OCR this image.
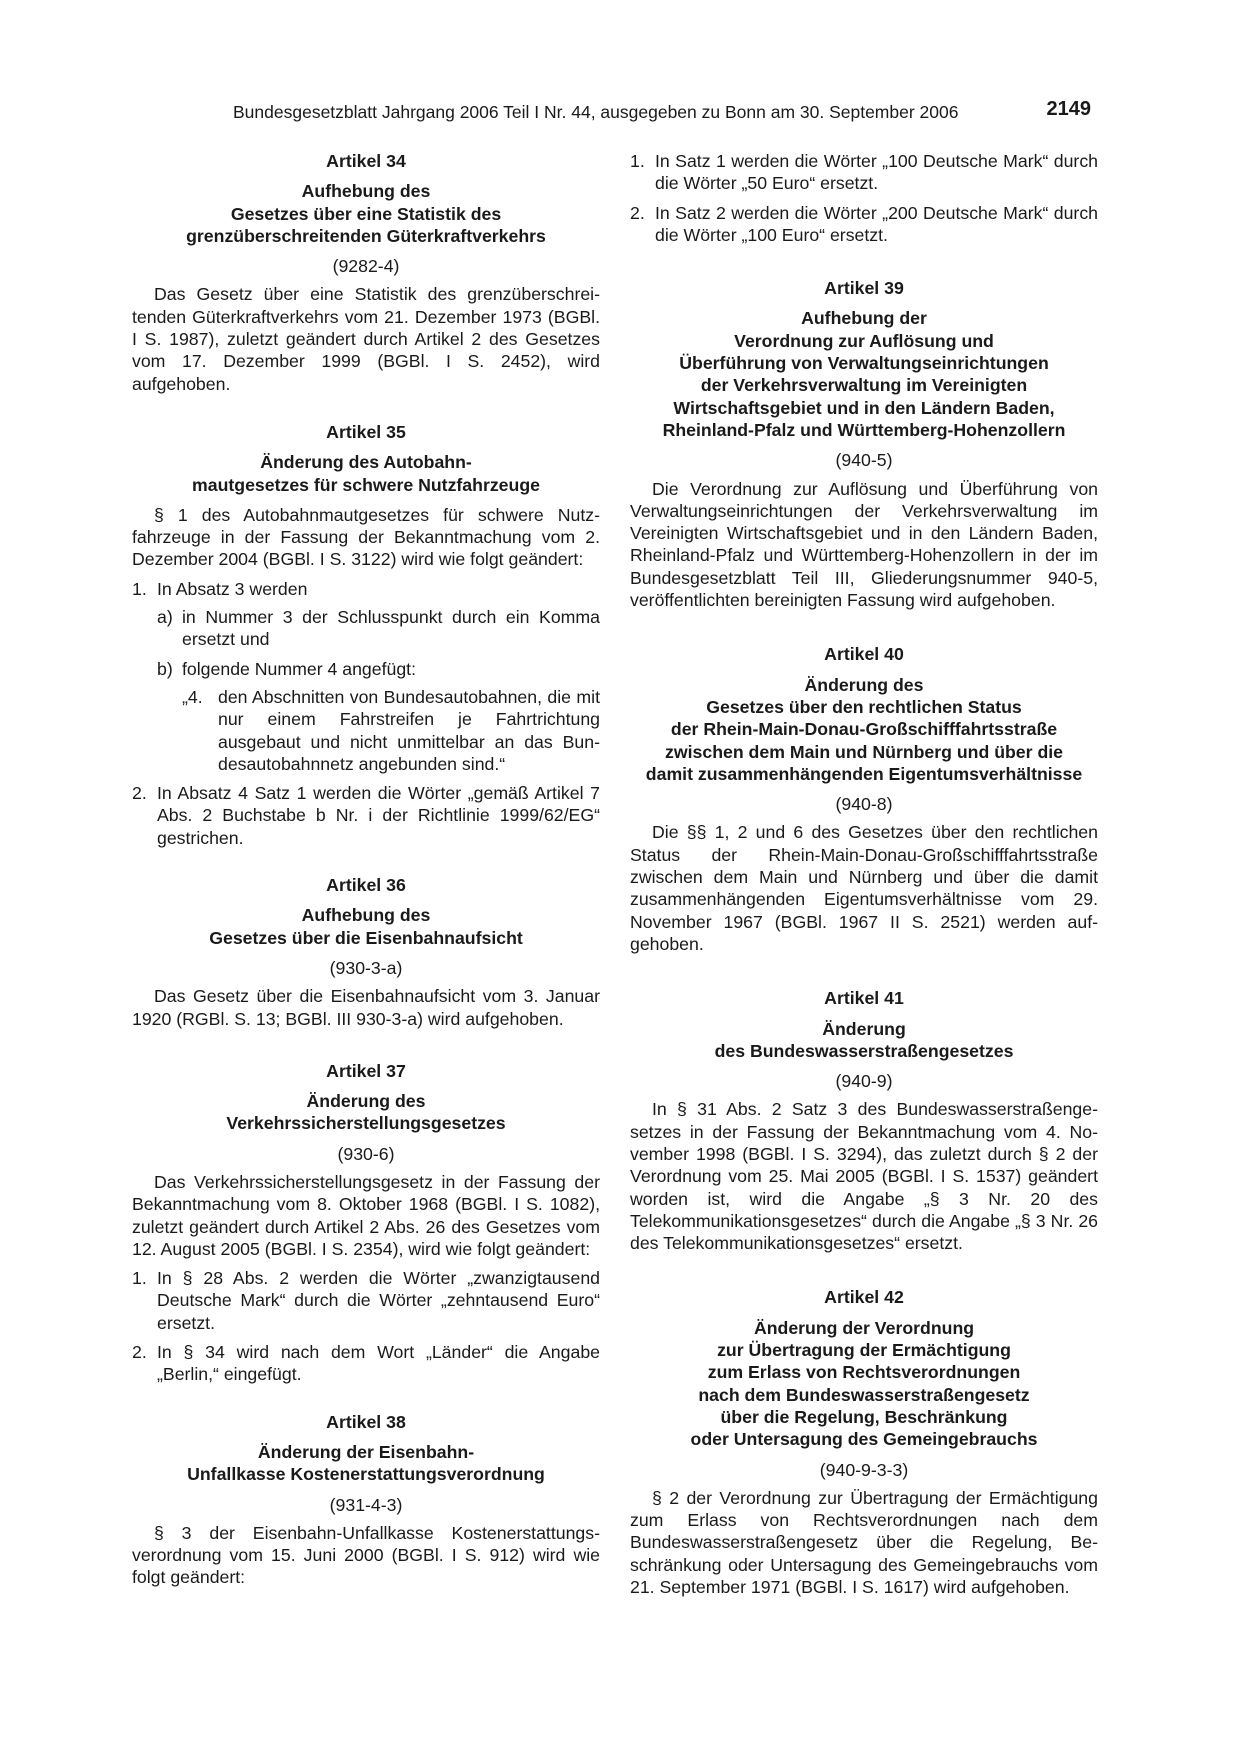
Bundesgesetzblatt Jahrgang 2006 Teil I Nr. 44, ausgegeben zu Bonn am 30. September 2006	2149
Artikel 34
Aufhebung des
Gesetzes über eine Statistik des
grenzüberschreitenden Güterkraftverkehrs
(9282-4)

Das Gesetz über eine Statistik des grenzüberschreitenden Güterkraftverkehrs vom 21. Dezember 1973 (BGBl. I S. 1987), zuletzt geändert durch Artikel 2 des Gesetzes vom 17. Dezember 1999 (BGBl. I S. 2452), wird aufgehoben.

Artikel 35
Änderung des Autobahn-
mautgesetzes für schwere Nutzfahrzeuge

§ 1 des Autobahnmautgesetzes für schwere Nutzfahrzeuge in der Fassung der Bekanntmachung vom 2. Dezember 2004 (BGBl. I S. 3122) wird wie folgt geändert:

1. In Absatz 3 werden
a) in Nummer 3 der Schlusspunkt durch ein Komma ersetzt und
b) folgende Nummer 4 angefügt:
„4. den Abschnitten von Bundesautobahnen, die mit nur einem Fahrstreifen je Fahrtrichtung ausgebaut und nicht unmittelbar an das Bundesautobahnnetz angebunden sind.“
2. In Absatz 4 Satz 1 werden die Wörter „gemäß Artikel 7 Abs. 2 Buchstabe b Nr. i der Richtlinie 1999/62/EG“ gestrichen.
Artikel 36
Aufhebung des
Gesetzes über die Eisenbahnaufsicht
(930-3-a)

Das Gesetz über die Eisenbahnaufsicht vom 3. Januar 1920 (RGBl. S. 13; BGBl. III 930-3-a) wird aufgehoben.

Artikel 37
Änderung des
Verkehrssicherstellungsgesetzes
(930-6)

Das Verkehrssicherstellungsgesetz in der Fassung der Bekanntmachung vom 8. Oktober 1968 (BGBl. I S. 1082), zuletzt geändert durch Artikel 2 Abs. 26 des Gesetzes vom 12. August 2005 (BGBl. I S. 2354), wird wie folgt geändert:

1. In § 28 Abs. 2 werden die Wörter „zwanzigtausend Deutsche Mark“ durch die Wörter „zehntausend Euro“ ersetzt.
2. In § 34 wird nach dem Wort „Länder“ die Angabe „Berlin,“ eingefügt.
Artikel 38
Änderung der Eisenbahn-
Unfallkasse Kostenerstattungsverordnung
(931-4-3)

§ 3 der Eisenbahn-Unfallkasse Kostenerstattungsverordnung vom 15. Juni 2000 (BGBl. I S. 912) wird wie folgt geändert:

1. In Satz 1 werden die Wörter „100 Deutsche Mark“ durch die Wörter „50 Euro“ ersetzt.
2. In Satz 2 werden die Wörter „200 Deutsche Mark“ durch die Wörter „100 Euro“ ersetzt.
Artikel 39
Aufhebung der
Verordnung zur Auflösung und
Überführung von Verwaltungseinrichtungen
der Verkehrsverwaltung im Vereinigten
Wirtschaftsgebiet und in den Ländern Baden,
Rheinland-Pfalz und Württemberg-Hohenzollern
(940-5)

Die Verordnung zur Auflösung und Überführung von Verwaltungseinrichtungen der Verkehrsverwaltung im Vereinigten Wirtschaftsgebiet und in den Ländern Baden, Rheinland-Pfalz und Württemberg-Hohenzollern in der im Bundesgesetzblatt Teil III, Gliederungsnummer 940-5, veröffentlichten bereinigten Fassung wird aufgehoben.

Artikel 40
Änderung des
Gesetzes über den rechtlichen Status
der Rhein-Main-Donau-Großschifffahrtsstraße
zwischen dem Main und Nürnberg und über die
damit zusammenhängenden Eigentumsverhältnisse
(940-8)

Die §§ 1, 2 und 6 des Gesetzes über den rechtlichen Status der Rhein-Main-Donau-Großschifffahrtsstraße zwischen dem Main und Nürnberg und über die damit zusammenhängenden Eigentumsverhältnisse vom 29. November 1967 (BGBl. 1967 II S. 2521) werden aufgehoben.

Artikel 41
Änderung
des Bundeswasserstraßengesetzes
(940-9)

In § 31 Abs. 2 Satz 3 des Bundeswasserstraßengesetzes in der Fassung der Bekanntmachung vom 4. November 1998 (BGBl. I S. 3294), das zuletzt durch § 2 der Verordnung vom 25. Mai 2005 (BGBl. I S. 1537) geändert worden ist, wird die Angabe „§ 3 Nr. 20 des Telekommunikationsgesetzes“ durch die Angabe „§ 3 Nr. 26 des Telekommunikationsgesetzes“ ersetzt.

Artikel 42
Änderung der Verordnung
zur Übertragung der Ermächtigung
zum Erlass von Rechtsverordnungen
nach dem Bundeswasserstraßengesetz
über die Regelung, Beschränkung
oder Untersagung des Gemeingebrauchs
(940-9-3-3)

§ 2 der Verordnung zur Übertragung der Ermächtigung zum Erlass von Rechtsverordnungen nach dem Bundeswasserstraßengesetz über die Regelung, Beschränkung oder Untersagung des Gemeingebrauchs vom 21. September 1971 (BGBl. I S. 1617) wird aufgehoben.
